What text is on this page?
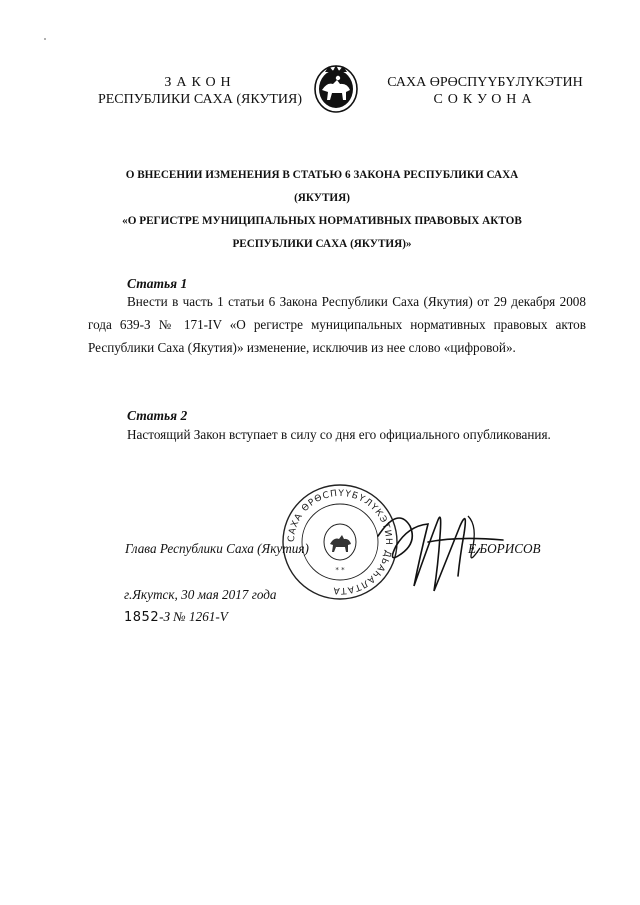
ЗАКОН
РЕСПУБЛИКИ САХА (ЯКУТИЯ)
САХА ӨРӨСПҮҮБҮЛҮКЭТИН
СОКУОНА
О ВНЕСЕНИИ ИЗМЕНЕНИЯ В СТАТЬЮ 6 ЗАКОНА РЕСПУБЛИКИ САХА (ЯКУТИЯ)
«О РЕГИСТРЕ МУНИЦИПАЛЬНЫХ НОРМАТИВНЫХ ПРАВОВЫХ АКТОВ
РЕСПУБЛИКИ САХА (ЯКУТИЯ)»
Статья 1
Внести в часть 1 статьи 6 Закона Республики Саха (Якутия) от 29 декабря 2008 года 639-З № 171-IV «О регистре муниципальных нормативных правовых актов Республики Саха (Якутия)» изменение, исключив из нее слово «цифровой».
Статья 2
Настоящий Закон вступает в силу со дня его официального опубликования.
САХА ӨРӨСПҮҮБҮЛҮКЭТИН ДЬАҺАЛТАТА
* *
Глава Республики Саха (Якутия)	Е.БОРИСОВ
г.Якутск, 30 мая 2017 года
1852-З № 1261-V
